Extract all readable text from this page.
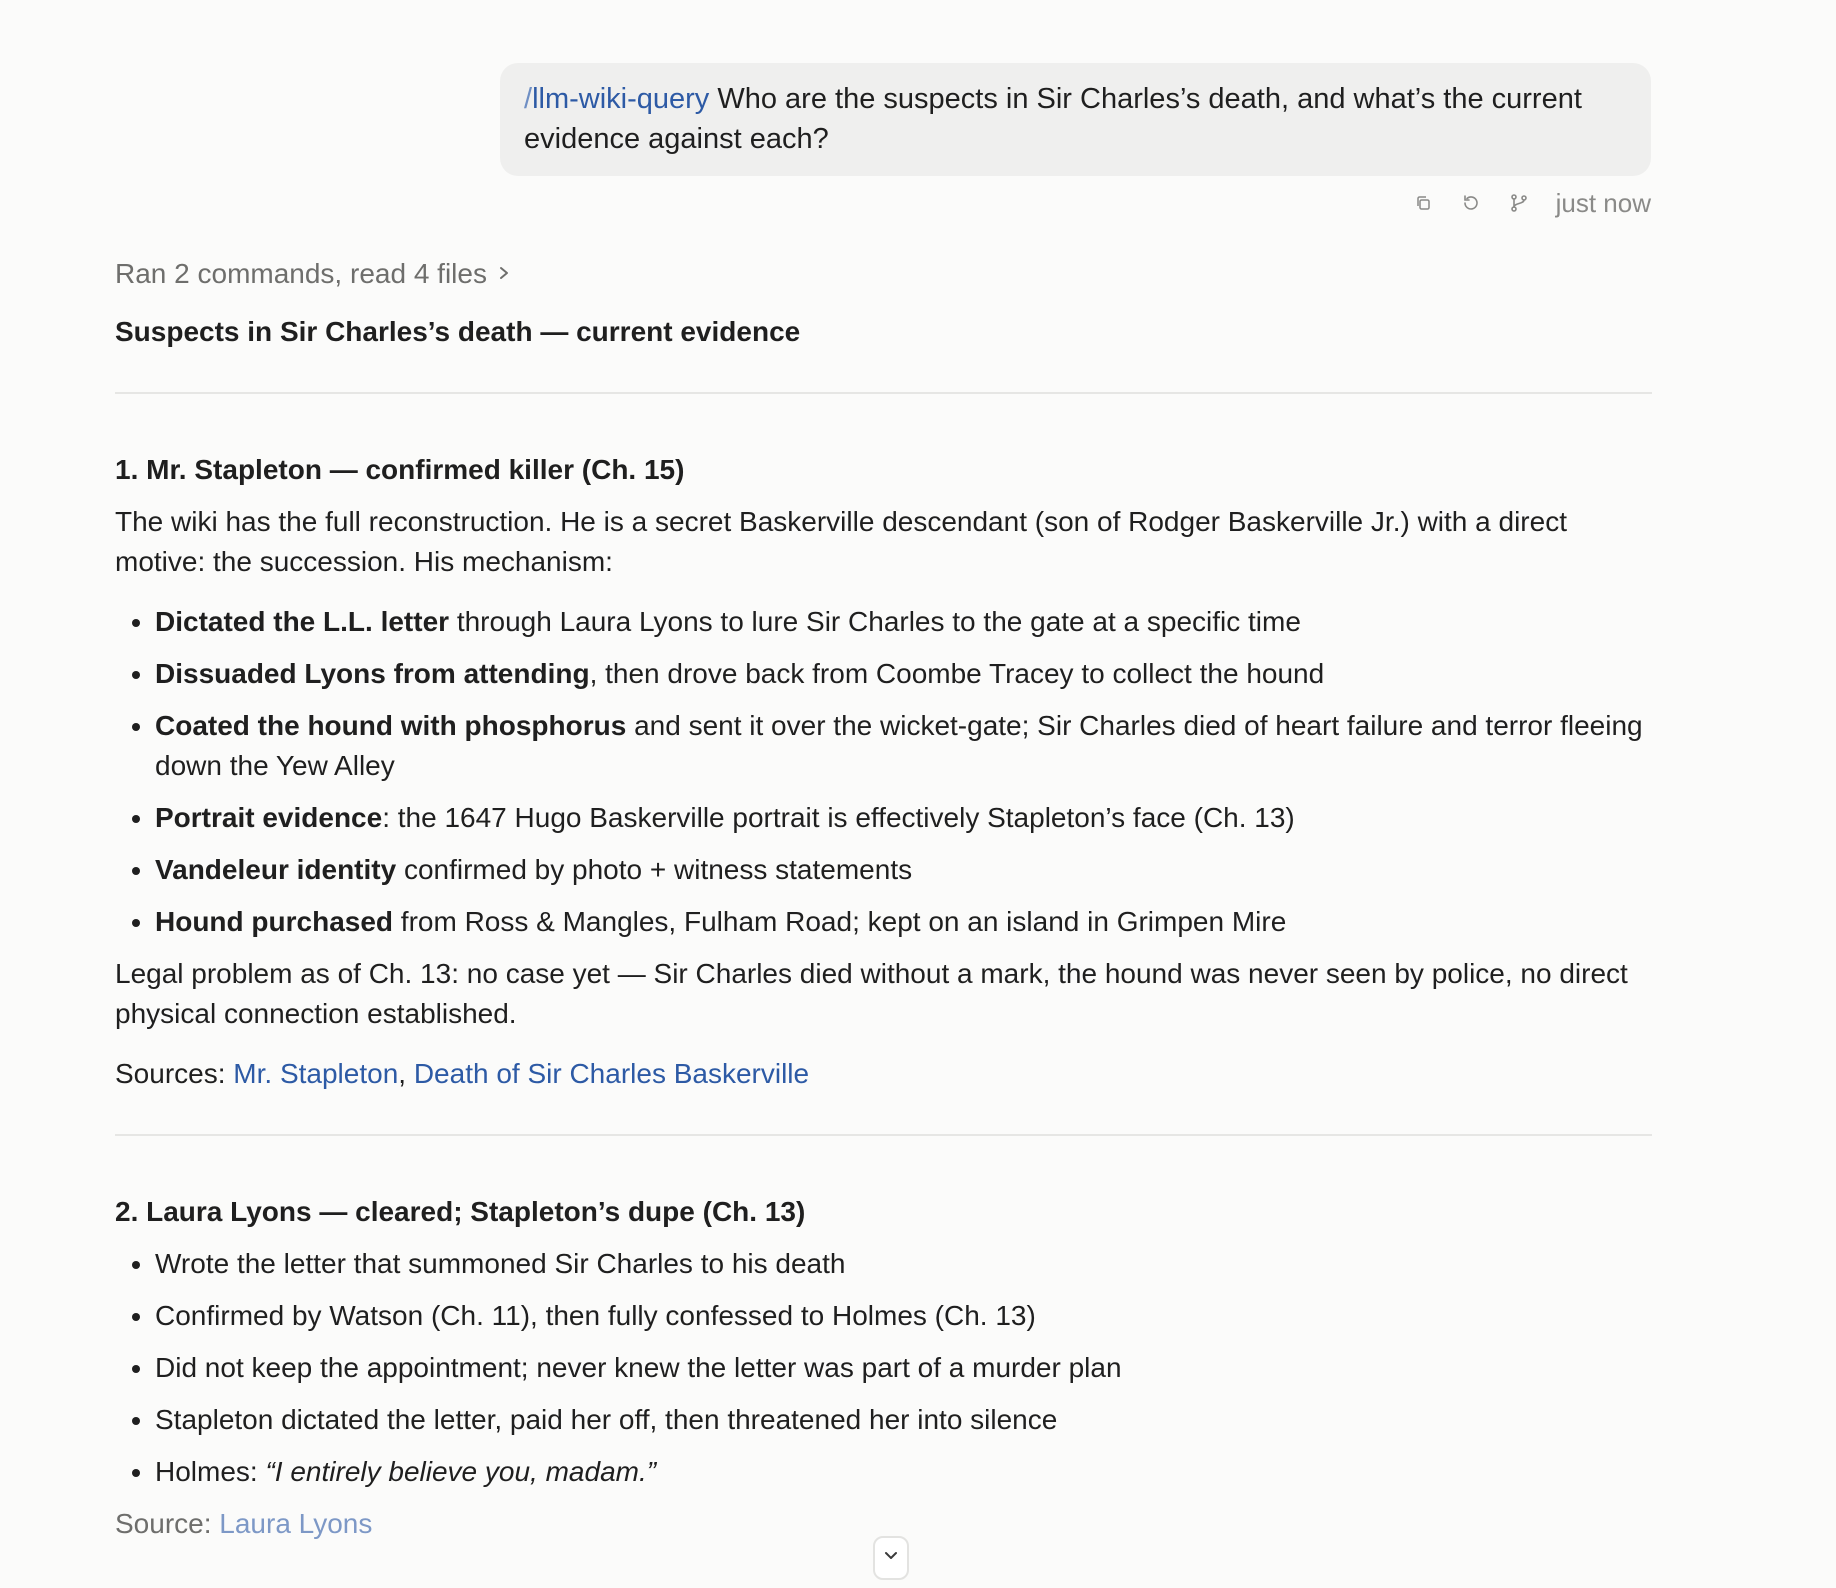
/llm-wiki-query Who are the suspects in Sir Charles’s death, and what’s the current evidence against each?
just now
Ran 2 commands, read 4 files
Suspects in Sir Charles’s death — current evidence
1. Mr. Stapleton — confirmed killer (Ch. 15)

The wiki has the full reconstruction. He is a secret Baskerville descendant (son of Rodger Baskerville Jr.) with a direct motive: the succession. His mechanism:

• Dictated the L.L. letter through Laura Lyons to lure Sir Charles to the gate at a specific time
• Dissuaded Lyons from attending, then drove back from Coombe Tracey to collect the hound
• Coated the hound with phosphorus and sent it over the wicket-gate; Sir Charles died of heart failure and terror fleeing down the Yew Alley
• Portrait evidence: the 1647 Hugo Baskerville portrait is effectively Stapleton’s face (Ch. 13)
• Vandeleur identity confirmed by photo + witness statements
• Hound purchased from Ross & Mangles, Fulham Road; kept on an island in Grimpen Mire

Legal problem as of Ch. 13: no case yet — Sir Charles died without a mark, the hound was never seen by police, no direct physical connection established.

Sources: Mr. Stapleton, Death of Sir Charles Baskerville

2. Laura Lyons — cleared; Stapleton’s dupe (Ch. 13)
• Wrote the letter that summoned Sir Charles to his death
• Confirmed by Watson (Ch. 11), then fully confessed to Holmes (Ch. 13)
• Did not keep the appointment; never knew the letter was part of a murder plan
• Stapleton dictated the letter, paid her off, then threatened her into silence
• Holmes: “I entirely believe you, madam.”

Source: Laura Lyons
